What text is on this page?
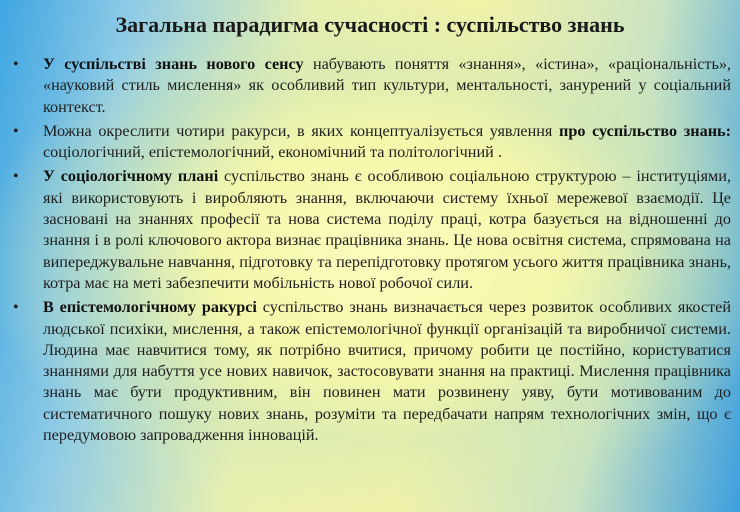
Загальна парадигма сучасності : суспільство знань
• У суспільстві знань нового сенсу набувають поняття «знання», «істина», «раціональність», «науковий стиль мислення» як особливий тип культури, ментальності, занурений у соціальний контекст.
• Можна окреслити чотири ракурси, в яких концептуалізується уявлення про суспільство знань: соціологічний, епістемологічний, економічний та політологічний .
• У соціологічному плані суспільство знань є особливою соціальною структурою – інституціями, які використовують і виробляють знання, включаючи систему їхньої мережевої взаємодії. Це засновані на знаннях професії та нова система поділу праці, котра базується на відношенні до знання і в ролі ключового актора визнає працівника знань. Це нова освітня система, спрямована на випереджувальне навчання, підготовку та перепідготовку протягом усього життя працівника знань, котра має на меті забезпечити мобільність нової робочої сили.
• В епістемологічному ракурсі суспільство знань визначається через розвиток особливих якостей людської психіки, мислення, а також епістемологічної функції організацій та виробничої системи. Людина має навчитися тому, як потрібно вчитися, причому робити це постійно, користуватися знаннями для набуття усе нових навичок, застосовувати знання на практиці. Мислення працівника знань має бути продуктивним, він повинен мати розвинену уяву, бути мотивованим до систематичного пошуку нових знань, розуміти та передбачати напрям технологічних змін, що є передумовою запровадження інновацій.
